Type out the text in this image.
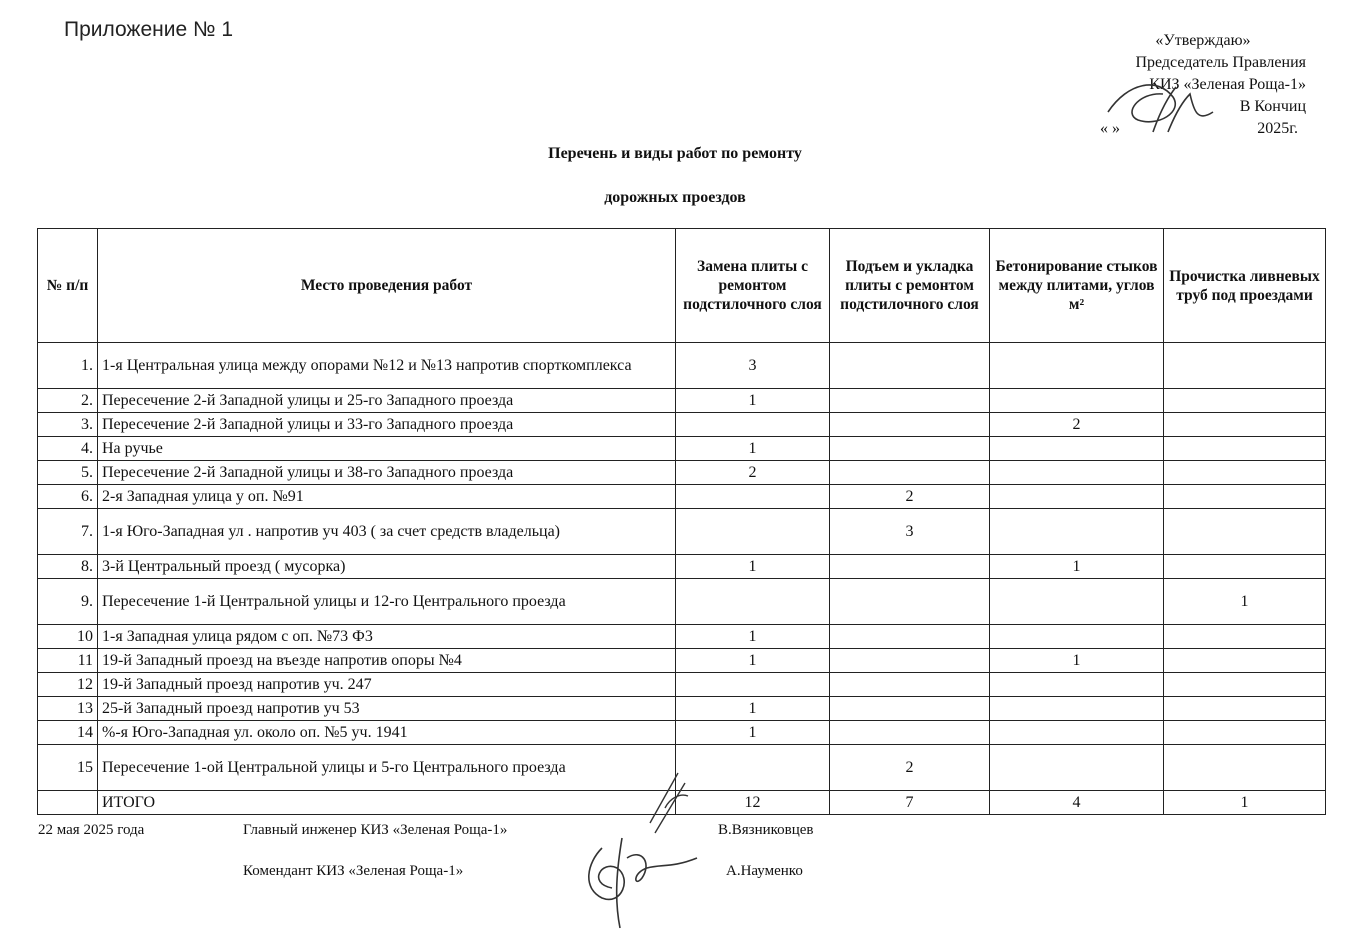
Приложение № 1	«Утверждаю»
Председатель Правления
КИЗ «Зеленая Роща-1»
В Кончиц
« »	2025г.
Перечень и виды работ по ремонту
дорожных проездов
№ п/п	Место проведения работ	Замена плиты с ремонтом подстилочного слоя	Подъем и укладка плиты с ремонтом подстилочного слоя	Бетонирование стыков между плитами, углов м²	Прочистка ливневых труб под проездами
1.	1-я Центральная улица между опорами №12 и №13 напротив спорткомплекса	3			
2.	Пересечение 2-й Западной улицы и 25-го Западного проезда	1			
3.	Пересечение 2-й Западной улицы и 33-го Западного проезда			2	
4.	На ручье	1			
5.	Пересечение 2-й Западной улицы и 38-го Западного проезда	2			
6.	2-я Западная улица у оп. №91		2		
7.	1-я Юго-Западная ул . напротив уч 403 ( за счет средств владельца)		3		
8.	3-й Центральный проезд ( мусорка)	1		1	
9.	Пересечение 1-й Центральной улицы и 12-го Центрального проезда				1
10	1-я Западная улица рядом с оп. №73 Ф3	1			
11	19-й Западный проезд на въезде напротив опоры №4	1		1	
12	19-й Западный проезд напротив уч. 247				
13	25-й Западный проезд напротив уч 53	1			
14	%-я Юго-Западная ул. около оп. №5 уч. 1941	1			
15	Пересечение 1-ой Центральной улицы и 5-го Центрального проезда		2		
	ИТОГО	12	7	4	1
22 мая 2025 года	Главный инженер КИЗ «Зеленая Роща-1»	В.Вязниковцев
Комендант КИЗ «Зеленая Роща-1»	А.Науменко
